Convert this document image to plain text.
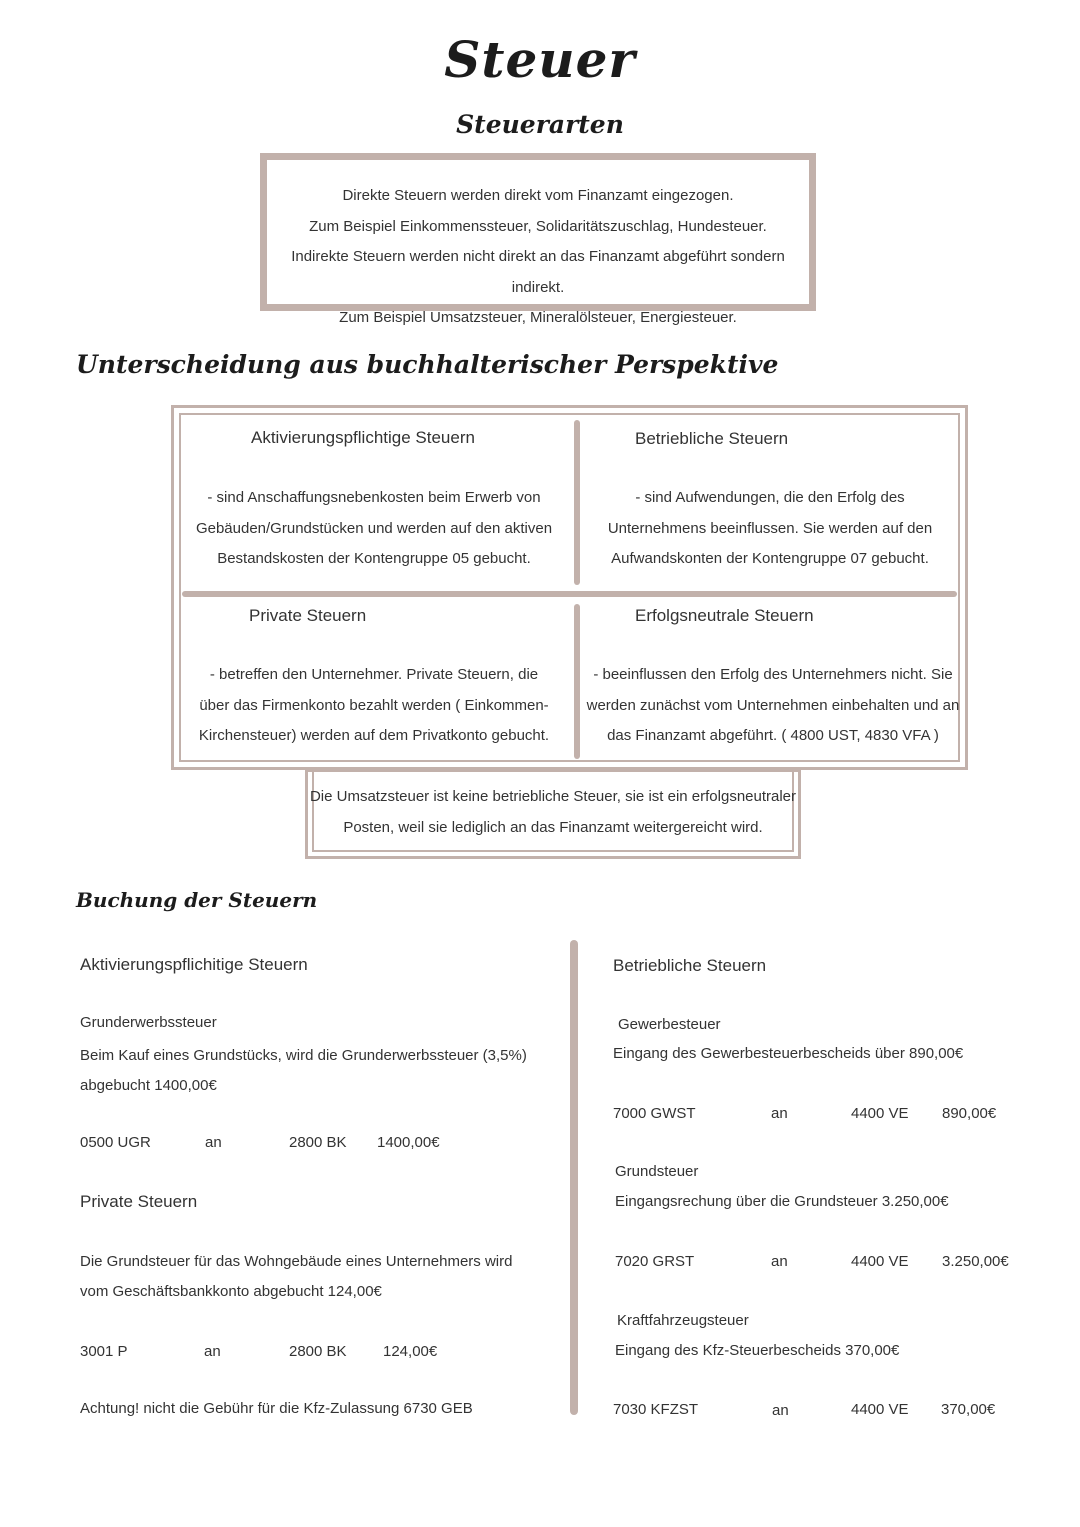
Steuer
Steuerarten

Direkte Steuern werden direkt vom Finanzamt eingezogen.

Zum Beispiel Einkommenssteuer, Solidaritätszuschlag, Hundesteuer.

Indirekte Steuern werden nicht direkt an das Finanzamt abgeführt sondern indirekt.

Zum Beispiel Umsatzsteuer, Mineralölsteuer, Energiesteuer.

Unterscheidung aus buchhalterischer Perspektive
Aktivierungspflichtige Steuern
- sind Anschaffungsnebenkosten beim Erwerb von
Gebäuden/Grundstücken und werden auf den aktiven
Bestandskosten der Kontengruppe 05 gebucht.
Betriebliche Steuern
- sind Aufwendungen, die den Erfolg des
Unternehmens beeinflussen. Sie werden auf den
Aufwandskonten der Kontengruppe 07 gebucht.
Private Steuern
- betreffen den Unternehmer. Private Steuern, die
über das Firmenkonto bezahlt werden ( Einkommen-
Kirchensteuer) werden auf dem Privatkonto gebucht.
Erfolgsneutrale Steuern
- beeinflussen den Erfolg des Unternehmers nicht. Sie
werden zunächst vom Unternehmen einbehalten und an
das Finanzamt abgeführt. ( 4800 UST, 4830 VFA )

Die Umsatzsteuer ist keine betriebliche Steuer, sie ist ein erfolgsneutraler

Posten, weil sie lediglich an das Finanzamt weitergereicht wird.

Buchung der Steuern
Aktivierungspflichitige Steuern
Grunderwerbssteuer
Beim Kauf eines Grundstücks, wird die Grunderwerbssteuer (3,5%)
abgebucht 1400,00€
0500 UGR	an	2800 BK 1400,00€
Private Steuern
Die Grundsteuer für das Wohngebäude eines Unternehmers wird
vom Geschäftsbankkonto abgebucht 124,00€
3001 P	an	2800 BK 124,00€
Achtung! nicht die Gebühr für die Kfz-Zulassung 6730 GEB
Betriebliche Steuern
Gewerbesteuer
Eingang des Gewerbesteuerbescheids über 890,00€
7000 GWST	an	4400 VE 890,00€
Grundsteuer
Eingangsrechung über die Grundsteuer 3.250,00€
7020 GRST	an	4400 VE 3.250,00€
Kraftfahrzeugsteuer
Eingang des Kfz-Steuerbescheids 370,00€
7030 KFZST	an	4400 VE 370,00€
